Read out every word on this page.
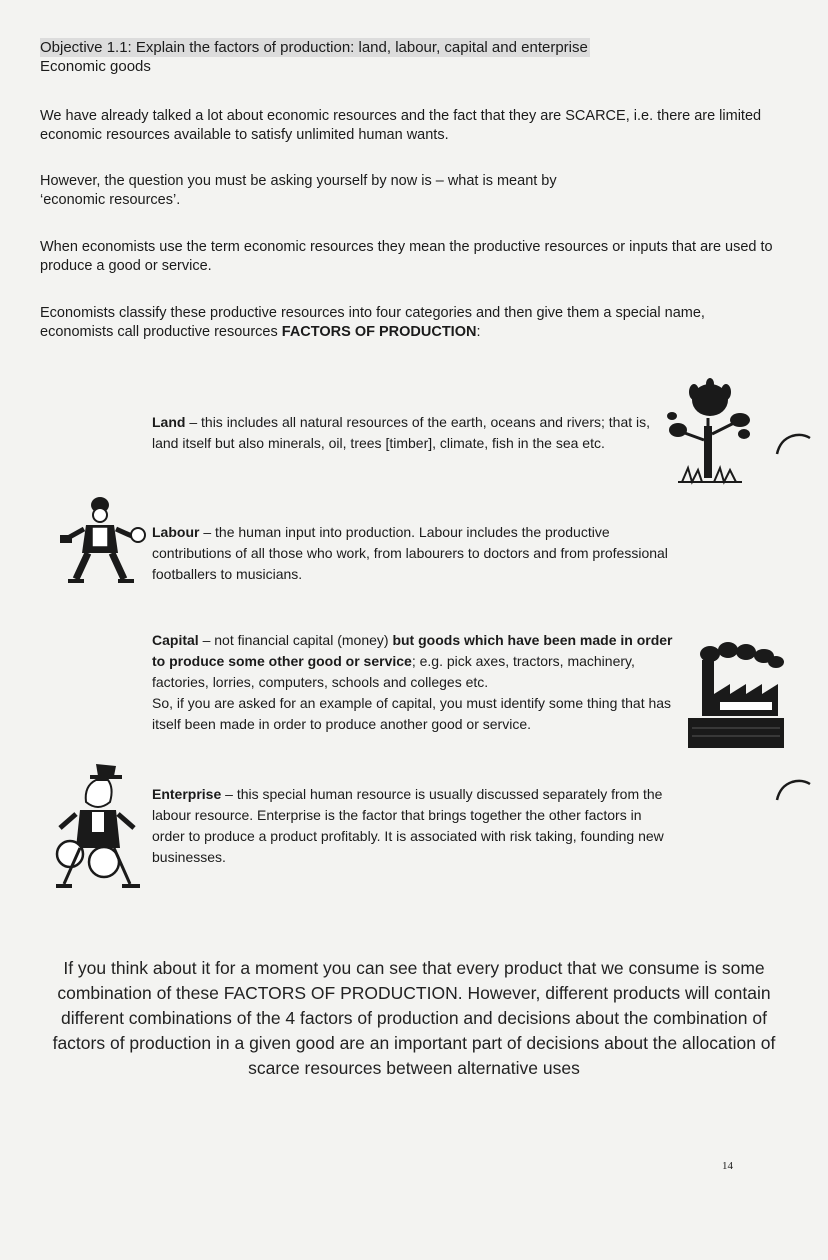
Objective 1.1: Explain the factors of production: land, labour, capital and enterprise
Economic goods
We have already talked a lot about economic resources and the fact that they are SCARCE, i.e. there are limited economic resources available to satisfy unlimited human wants.
However, the question you must be asking yourself by now is – what is meant by ‘economic resources’.
When economists use the term economic resources they mean the productive resources or inputs that are used to produce a good or service.
Economists classify these productive resources into four categories and then give them a special name, economists call productive resources FACTORS OF PRODUCTION:
Land – this includes all natural resources of the earth, oceans and rivers; that is, land itself but also minerals, oil, trees [timber], climate, fish in the sea etc.
Labour – the human input into production. Labour includes the productive contributions of all those who work, from labourers to doctors and from professional footballers to musicians.
Capital – not financial capital (money) but goods which have been made in order to produce some other good or service; e.g. pick axes, tractors, machinery, factories, lorries, computers, schools and colleges etc.
So, if you are asked for an example of capital, you must identify some thing that has itself been made in order to produce another good or service.
Enterprise – this special human resource is usually discussed separately from the labour resource. Enterprise is the factor that brings together the other factors in order to produce a product profitably. It is associated with risk taking, founding new businesses.
If you think about it for a moment you can see that every product that we consume is some combination of these FACTORS OF PRODUCTION. However, different products will contain different combinations of the 4 factors of production and decisions about the combination of factors of production in a given good are an important part of decisions about the allocation of scarce resources between alternative uses
14
